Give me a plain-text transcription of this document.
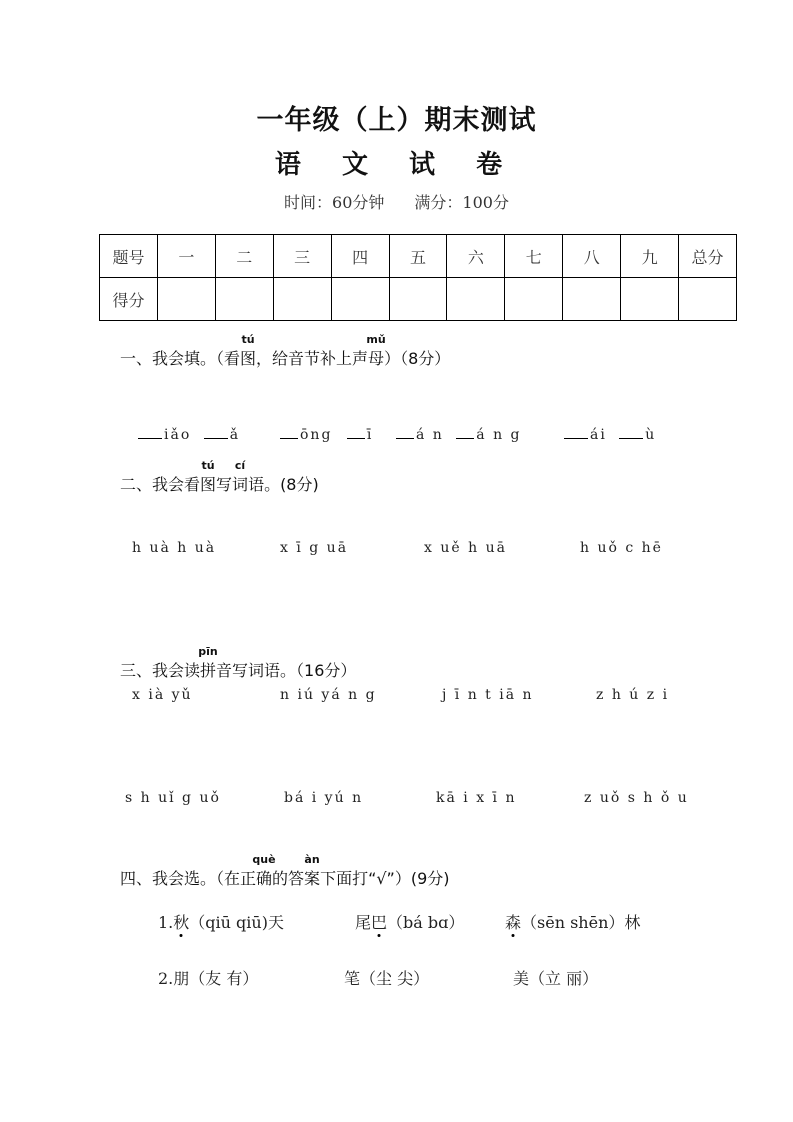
一年级（上）期末测试
语 文 试 卷
时间：60分钟 满分：100分
题号	一	二	三	四	五	六	七	八	九	总分
得分										
一、我会填。（看
tú
图，给音节补上声
mǔ
母）（8分）
iǎo	ǎ	ōng ī	á n á n g	ái	ù
二、我会看
tú
图写
cí
词语。(8分)
h uà h uà	x ī g uā	x uě h uā	h uǒ c hē
三、我会读
pīn
拼音写词语。（16分）
x ià yǔ	n iú yá n g	j ī n t iā n	z h ú z i
s h uǐ g uǒ	bá i yú n	kā i x ī n	z uǒ s h ǒ u
四、我会选。（在正
què
确的答
àn
案下面打“√”）(9分)
1.秋（qiū qiū)天	尾巴（bá bɑ）	森（sēn shēn）林
2.朋（友 有）	笔（尘 尖）	美（立 丽）
